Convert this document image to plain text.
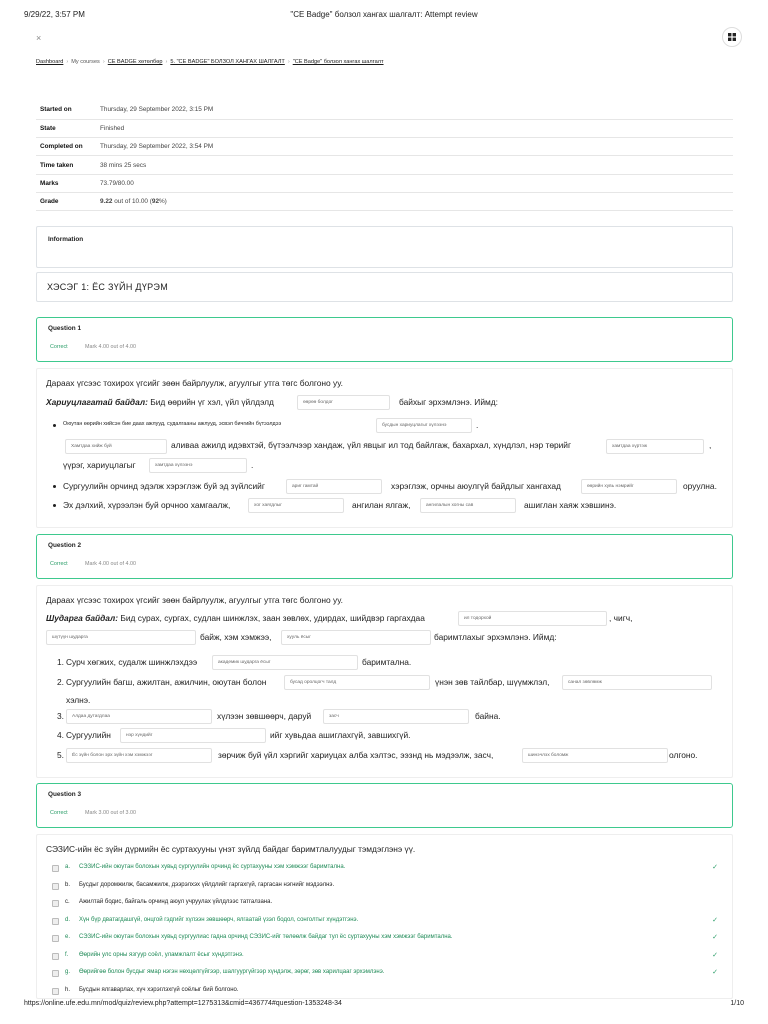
9/29/22, 3:57 PM	"CE Badge" болзол хангах шалгалт: Attempt review
×
Dashboard › My courses › CE BADGE хөтөлбөр › 5. "CE BADGE" БОЛЗОЛ ХАНГАХ ШАЛГАЛТ › "CE Badge" болзол хангах шалгалт
Started on	Thursday, 29 September 2022, 3:15 PM
State	Finished
Completed on	Thursday, 29 September 2022, 3:54 PM
Time taken	38 mins 25 secs
Marks	73.79/80.00
Grade	9.22 out of 10.00 (92%)
Information
ХЭСЭГ 1: ЁС ЗҮЙН ДҮРЭМ
Question 1
Correct	Mark 4.00 out of 4.00
Дараах үгсээс тохирох үгсийг зөөн байрлуулж, агуулгыг утга төгс болгоно уу.
Хариуцлагатай байдал: Бид өөрийн үг хэл, үйл үйлдэлд	өөрөө болдог	байхыг эрхэмлэнэ. Иймд:
Оюутан өөрийн хийсэн бие даах ажлууд, судалгааны ажлууд, эсвэл бичгийн бүтээлдээ	бусдын хариуцлагыг хүлээнэ	.
Хамтдаа хийж буй	аливаа ажилд идэвхтэй, бүтээлчээр хандаж, үйл явцыг ил тод байлгаж, бахархал, хүндлэл, нэр төрийг	хамтдаа хүртэж	,
үүрэг, хариуцлагыг	хамтдаа хүлээнэ	.
Сургуулийн орчинд эдэлж хэрэглэж буй эд зүйлсийг	ариг гамтай	хэрэглэж, орчны аюулгүй байдлыг хангахад	өөрийн хувь нэмрийг	оруулна.
Эх дэлхий, хүрээлэн буй орчноо хамгаалж,	хог хаягдлыг	ангилан ялгаж,	ангилалын хогны сав	ашиглан хаяж хэвшинэ.
Question 2
Correct	Mark 4.00 out of 4.00
Дараах үгсээс тохирох үгсийг зөөн байрлуулж, агуулгыг утга төгс болгоно уу.
Шударга байдал: Бид сурах, сургах, судлан шинжлэх, заан зөвлөх, удирдах, шийдвэр гаргахдаа	ил тодорхой	, чигч,
шүтүүн шударга	байж, хэм хэмжээ,	хууль ёсыг	баримтлахыг эрхэмлэнэ. Иймд:
1. Сурч хөгжих, судалж шинжлэхдээ	академик шударга ёсыг	баримтална.
2. Сургуулийн багш, ажилтан, ажилчин, оюутан болон	бусад оролцогч талд	үнэн зөв тайлбар, шүүмжлэл,	санал зөвлөмж
хэлнэ.
3.	Алдаа дутагдлаа	хүлээн зөвшөөрч, даруй	засч	байна.
4. Сургуулийн	нэр хүндийг	ийг хувьдаа ашиглахгүй, завшихгүй.
5.	Ёс зүйн болон эрх зүйн хэм хэмжээг	зөрчиж буй үйл хэргийг хариуцах алба хэлтэс, ээзнд нь мэдээлж, засч,	шинэчлэх боломж	олгоно.
Question 3
Correct	Mark 3.00 out of 3.00
СЭЗИС-ийн ёс зүйн дүрмийн ёс суртахууны үнэт зүйлд байдаг баримтлалуудыг тэмдэглэнэ үү.
a. СЭЗИС-ийн оюутан болохын хувьд сургуулийн орчинд ёс суртахууны хэм хэмжээг баримтална.	✓
b. Бусдыг доромжилж, басамжилж, дээрэлхэх үйлдлийг гаргахгүй, гаргасан нэгнийг мэдээлнэ.
c. Ажилтай бодис, байгаль орчинд аюул учруулах үйлдлээс татгалзана.
d. Хүн бүр дватагдашгүй, онцгой гэдгийг хүлээн зөвшөөрч, ялгаатай үзэл бодол, сонголтыг хүндэтгэнэ.	✓
e. СЭЗИС-ийн оюутан болохын хувьд сургуулиас гадна орчинд СЭЗИС-ийг төлөөлж байдаг тул ёс суртахууны хэм хэмжээг баримтална.	✓
f. Өөрийн улс орны язгуур соёл, уламжлалт ёсыг хүндэтгэнэ.	✓
g. Өөрийгөө болон бусдыг ямар нэгэн нөхцөлгүйгээр, шалгуургүйгээр хүндэлж, зөрөг, зөв харилцааг эрхэмлэнэ.	✓
h. Бусдын ялгаварлах, хүч хэрэглэхгүй соёлыг бий болгоно.
https://online.ufe.edu.mn/mod/quiz/review.php?attempt=1275313&cmid=436774#question-1353248-34	1/10
